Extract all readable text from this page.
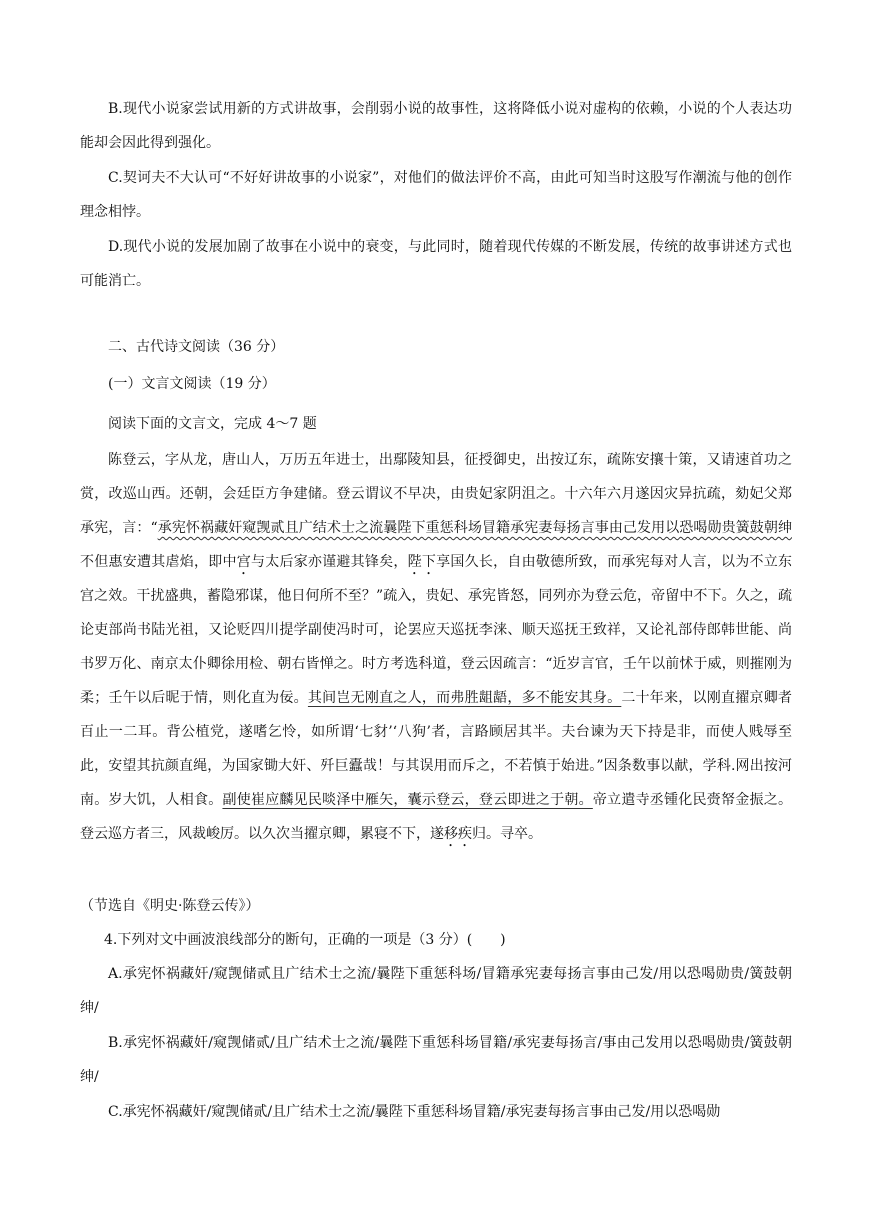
B.现代小说家尝试用新的方式讲故事，会削弱小说的故事性，这将降低小说对虚构的依赖，小说的个人表达功能却会因此得到强化。

C.契诃夫不大认可“不好好讲故事的小说家”，对他们的做法评价不高，由此可知当时这股写作潮流与他的创作理念相悖。

D.现代小说的发展加剧了故事在小说中的衰变，与此同时，随着现代传媒的不断发展，传统的故事讲述方式也可能消亡。

二、古代诗文阅读（36 分）

(一）文言文阅读（19 分）

阅读下面的文言文，完成 4～7 题

陈登云，字从龙，唐山人，万历五年进士，出鄢陵知县，征授御史，出按辽东，疏陈安攘十策，又请速首功之赏，改巡山西。还朝，会廷臣方争建储。登云谓议不早决，由贵妃家阴沮之。十六年六月遂因灾异抗疏，劾妃父郑承宪，言：“承宪怀祸藏奸窥觊贰且广结术士之流曩陛下重惩科场冒籍承宪妻每扬言事由己发用以恐喝勋贵簧鼓朝绅不但惠安遭其虐焰，即中宫与太后家亦谨避其锋矣，陛下享国久长，自由敬德所致，而承宪每对人言，以为不立东宫之效。干扰盛典，蓄隐邪谋，他日何所不至？”疏入，贵妃、承宪皆怒，同列亦为登云危，帝留中不下。久之，疏论吏部尚书陆光祖，又论贬四川提学副使冯时可，论罢应天巡抚李涞、顺天巡抚王致祥，又论礼部侍郎韩世能、尚书罗万化、南京太仆卿徐用检、朝右皆惮之。时方考选科道，登云因疏言：“近岁言官，壬午以前怵于威，则摧刚为柔；壬午以后昵于情，则化直为佞。其间岂无刚直之人，而弗胜龃龉，多不能安其身。二十年来，以刚直擢京卿者百止一二耳。背公植党，遂嗜乞怜，如所谓‘七豺’‘八狗’者，言路顾居其半。夫台谏为天下持是非，而使人贱辱至此，安望其抗颜直绳，为国家锄大奸、歼巨蠹哉！与其误用而斥之，不若慎于始进。”因条数事以献，学科.网出按河南。岁大饥，人相食。副使崔应麟见民啖泽中雁矢，囊示登云，登云即进之于朝。帝立遣寺丞锺化民赍帑金振之。登云巡方者三，风裁峻厉。以久次当擢京卿，累寝不下，遂移疾归。寻卒。

（节选自《明史·陈登云传》）

4.下列对文中画波浪线部分的断句，正确的一项是（3 分）(　　)

A.承宪怀祸藏奸/窥觊储贰且广结术士之流/曩陛下重惩科场/冒籍承宪妻每扬言事由己发/用以恐喝勋贵/簧鼓朝绅/

B.承宪怀祸藏奸/窥觊储贰/且广结术士之流/曩陛下重惩科场冒籍/承宪妻每扬言/事由己发用以恐喝勋贵/簧鼓朝绅/

C.承宪怀祸藏奸/窥觊储贰/且广结术士之流/曩陛下重惩科场冒籍/承宪妻每扬言事由己发/用以恐喝勋
